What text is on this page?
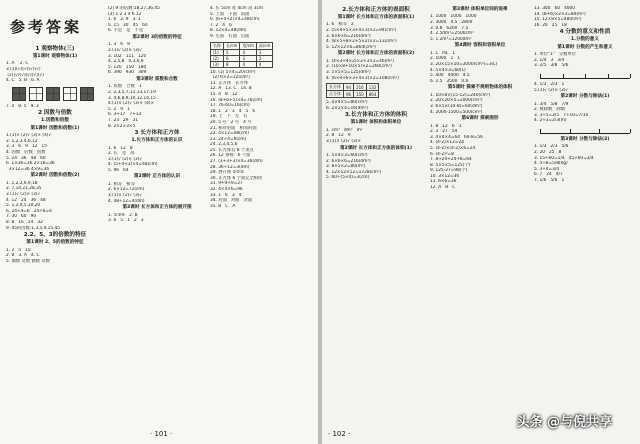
参考答案
1 观察物体(三)
第1课时 观察物体(1)
1. A    2. C
3.(1)(√)(√)(√)(√)
(2)(√)(√)(√)(√)(√)
4. C   5. B   6. A
7. 4   8. 5   9. 3
2 因数与倍数
1.因数和倍数
第1课时 因数和倍数(1)
1.(1)× (2)√ (3)× (4)√
2. 1,2,3,4,6,12
3. 3   6   9   12   15
4. 因数   倍数   因数
5. 24   36   48   60
6. 1×36=36 2×18=36
3×12=36 4×9=36
第2课时 因数和倍数(2)
1. 1,2,3,6,9,18
2. 7,14,21,28,35
3.(1)√ (2)× (3)√
4. 12   24   36   48
5. 1,2,4,5,10,20
6. 24÷4=6   24÷6=4
7. 30   60   90
8. 8   16   24   32
9. 45的因数:1,3,5,9,15,45
2.2、5、3的倍数的特征
第1课时 2、5的倍数的特征
1. 2   5   10
2. B   3. A   4. C
5. 偶数 奇数 偶数 奇数
(2) 9 的倍数:18,27,36,45
(3) 1 2 3 4 6 12
1. 6   2. 9   3. 1
5. 15   30   45   60
6. 不是   是   不是
第2课时 3的倍数的特征
1. 3   6   9
2.(1)√ (2)× (3)√
3. 102   111   120
4. 2,5,8   0,3,6,9
5. 120   150   180
6. 390   930   309
第3课时 质数和合数
1. 质数   合数   1
2. 2,3,5,7,11,13,17,19
3. 4,6,8,9,10,12,14,15
4.(1)× (2)√ (3)× (4)×
5. 2   9   1
6. 3+17   7+13
7. 23   29   31
8. 2×2×3×5
3 长方体和正方体
1.长方体和正方体的认识
1. 6   12   8
2. 长   宽   高
3.(1)√ (2)× (3)√
4. (5+4+3)×4=48(cm)
5. 96   64
第2课时 正方体的认识
1. 相等   相等
2. 6×12=72(cm)
3.(1)× (2)√ (3)√
4. 48÷12=4(dm)
第3课时 长方体和正方体的展开图
1. ①③④   2. B
3. 6   5   1   2   3
4. 长 5cm 宽 4cm 高 3cm
5. 上面   下面   前面
6. (6+4+2)×4=48(cm)
7. 2   4   6
8. 12×4=48(dm)
9. 左面   右面   后面
名称	长/cm	宽/cm	高/cm
(1)	5	4	3
(2)	6	3	2
(3)	8	4	4
10. (1) 5×4=20(cm²)
(2) 6×2=12(cm²)
11. 正方体   长方体
12. A   13. C   14. B
15. 4   8   12
16. (8+6+5)×4=76(cm)
17. 76-60=16(cm)
18. 1   2   3   4   5   6
19. 上   下   左   右
20. 5 号   2 号   4 号
21. 相对的面   相邻的面
22. 4×12=48(cm)
23. 24÷4=6(cm)
24. 2,3,4,5,6
25. 长方体有 8 个顶点
26. 12 条棱   6 个面
27. (3+3+3)×4=36(dm)
28. 36÷12=3(dm)
29. 展开图 ①②⑤
30. 正方体 6 个面完全相同
31. 9+9+9=27
32. 4×4×6=96
33. 1   6   3   4
34. 对面   对面   对面
35. B   C   A
· 101 ·
2.长方体和正方体的表面积
第1课时 长方体和正方体的表面积(1)
1. 6   相等   2
2. (5×4+5×3+4×3)×2=94(cm²)
3. 6×6×6=216(dm²)
4. (8×5+8×2+5×2)×2=132(m²)
5. 12×12×6=864(cm²)
第2课时 长方体和正方体的表面积(2)
1. (4×3+4×2)×2+3×2=46(m²)
2. (10×8+10×5)×2=260(cm²)
3. 5×5×5=125(dm²)
4. (6×4+6×3+4×3)×2=108(cm²)
长方体	94	216	132
正方体	96	150	864
5. 4×4×5=80(cm²)
6. 2×2×4=16(dm²)
3.长方体和正方体的体积
第1课时 体积和体积单位
1. cm³   dm³   m³
2. 8   12   9
3.(1)× (2)√ (3)×
第2课时 长方体和正方体的体积(1)
1. 5×4×3=60(cm³)
2. 6×6×6=216(dm³)
3. 8×5×2=80(m³)
4. 12×12×12=1728(cm³)
5. 60÷(5×4)=3(cm)
第3课时 体积单位间的进率
1. 1000   1000   1000
2. 3000   4.5   2800
3. 0.8   6200   7.5
4. 2.5dm³=2500cm³
5. 1.2m³=1200dm³
第4课时 容积和容积单位
1. L   mL   L
2. 1000   1   1
3. 20×15×10=3000(cm³)=3(L)
4. 5×4×3=60(L)
5. 400   4000   4.5
6. 2.5   3500   0.6
第5课时 探索不规则物体的体积
1. 10×8×(15-12)=240(cm³)
2. 20×20×5=2000(cm³)
3. 6×5×(10-8)=60(dm³)
4. 2000-1500=500(cm³)
第6课时 探索图形
1. 8   12   6   1
2. 3   27   54
3. 4×4×4=64   64-8=56
4. (4-2)×12=24
5. (4-2)×(4-2)×6=24
6. (4-2)³=8
7. 8+24+24+8=64
8. 5×5×5=125(个)
9. 125-27=98(个)
10. 3×12=36
11. 6×6=36
12. A   B   C
13. 300   60   4000
14. (8+6)×2×3=84(m²)
15. 12×8×5=480(m³)
16. 20   25   18
4 分数的意义和性质
1.分数的意义
第1课时 分数的产生和意义
1. 单位"1"   分数单位
2. 1/4   3   3/4
3. 2/5   3/8   5/6
4. 1/3   2/3   1
5.(1)√ (2)× (3)√
第2课时 分数与除法(1)
1. 3/4   5/8   7/9
2. 被除数   除数
3. 3÷5=3/5   7÷10=7/10
4. 2÷3=2/3(m)
第3课时 分数与除法(2)
1. 1/3   2/3   5/6
2. 20   25   8
3. 15÷60=1/4   45÷60=3/4
4. 5÷8=5/8(kg)
5. 3÷4=3/4
6. 7   24   4/7
7. 1/6   5/6   1
· 102 ·
头条 @与倪共享
